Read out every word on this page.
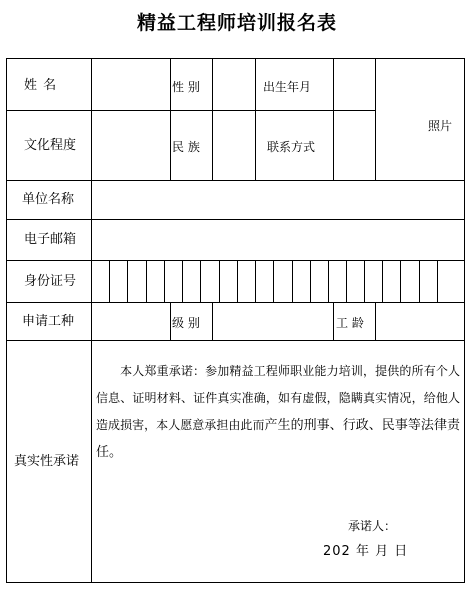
精益工程师培训报名表
姓 名	性 别	出生年月
照片
文化程度	民 族	联系方式
单位名称
电子邮箱
身份证号
申请工种	级 别	工 龄
真实性承诺
本人郑重承诺：参加精益工程师职业能力培训，提供的所有个人信息、证明材料、证件真实准确，如有虚假，隐瞒真实情况，给他人造成损害，本人愿意承担由此而产生的刑事、行政、民事等法律责任。
承诺人：
202 年 月 日
